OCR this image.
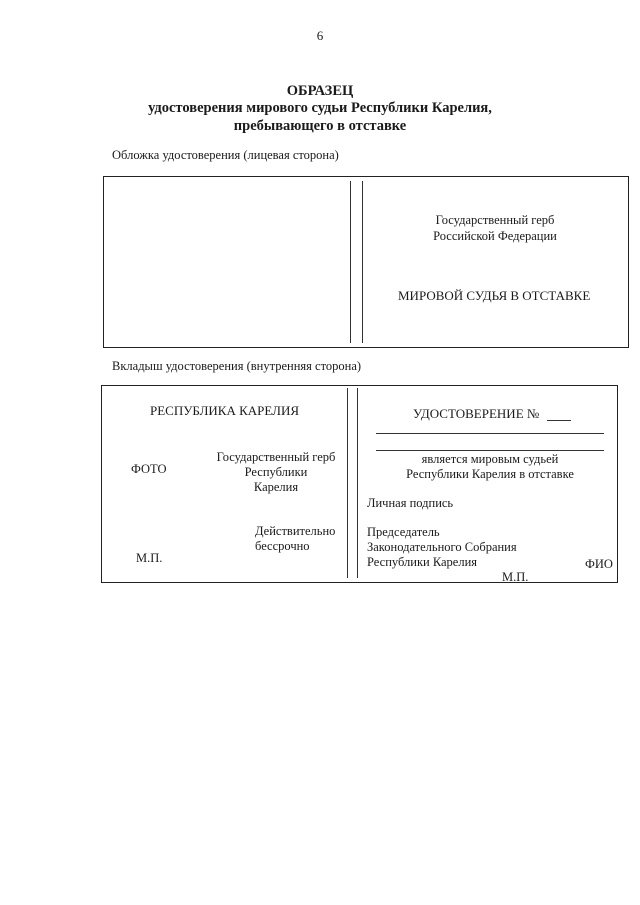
6
ОБРАЗЕЦ
удостоверения мирового судьи Республики Карелия,
пребывающего в отставке
Обложка удостоверения (лицевая сторона)
Государственный герб
Российской Федерации
МИРОВОЙ СУДЬЯ В ОТСТАВКЕ
Вкладыш удостоверения (внутренняя сторона)
РЕСПУБЛИКА КАРЕЛИЯ
ФОТО
Государственный герб
Республики
Карелия
Действительно
бессрочно
М.П.
УДОСТОВЕРЕНИЕ №
является мировым судьей
Республики Карелия в отставке
Личная подпись
Председатель
Законодательного Собрания
Республики Карелия	ФИО
М.П.
